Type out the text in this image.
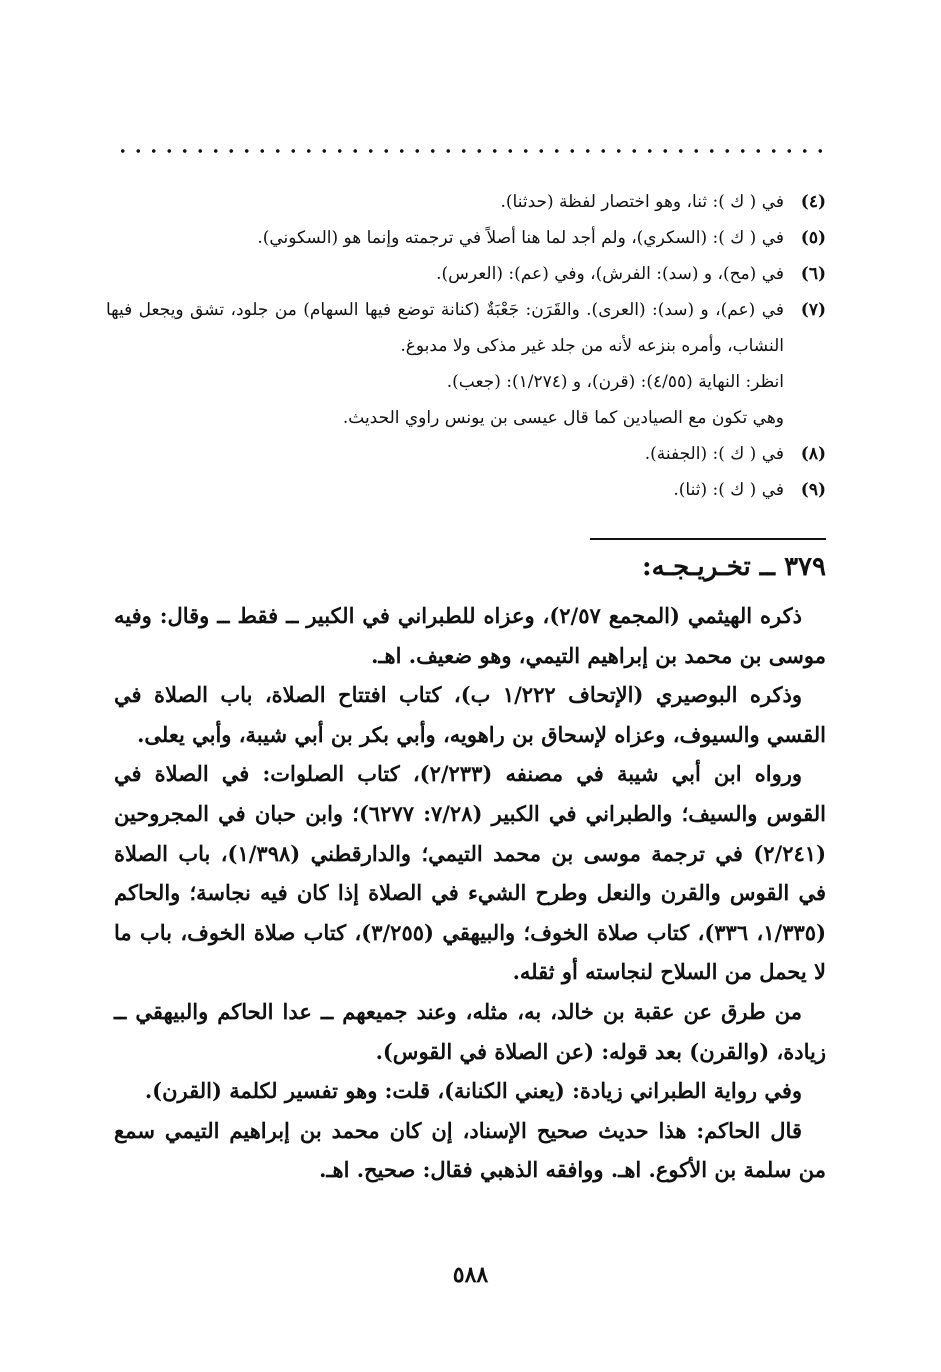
(٤)
في ( ك ): ثنا، وهو اختصار لفظة (حدثنا).
(٥)
في ( ك ): (السكري)، ولم أجد لما هنا أصلاً في ترجمته وإنما هو (السكوني).
(٦)
في (مح)، و (سد): الفرش)، وفي (عم): (العرس).
(٧)
في (عم)، و (سد): (العرى). والقَرَن: جَعْبَةٌ (كنانة توضع فيها السهام) من جلود، تشق ويجعل فيها النشاب، وأمره بنزعه لأنه من جلد غير مذكى ولا مدبوغ.
انظر: النهاية (٤/٥٥): (قرن)، و (١/٢٧٤): (جعب).
وهي تكون مع الصيادين كما قال عيسى بن يونس راوي الحديث.
(٨)
في ( ك ): (الجفنة).
(٩)
في ( ك ): (ثنا).
٣٧٩ ــ تخـريـجـه:

ذكره الهيثمي (المجمع ٢/٥٧)، وعزاه للطبراني في الكبير ــ فقط ــ وقال: وفيه موسى بن محمد بن إبراهيم التيمي، وهو ضعيف. اهـ.

وذكره البوصيري (الإتحاف ١/٢٢٢ ب)، كتاب افتتاح الصلاة، باب الصلاة في القسي والسيوف، وعزاه لإسحاق بن راهويه، وأبي بكر بن أبي شيبة، وأبي يعلى.

ورواه ابن أبي شيبة في مصنفه (٢/٢٣٣)، كتاب الصلوات: في الصلاة في القوس والسيف؛ والطبراني في الكبير (٧/٢٨: ٦٢٧٧)؛ وابن حبان في المجروحين (٢/٢٤١) في ترجمة موسى بن محمد التيمي؛ والدارقطني (١/٣٩٨)، باب الصلاة في القوس والقرن والنعل وطرح الشيء في الصلاة إذا كان فيه نجاسة؛ والحاكم (١/٣٣٥، ٣٣٦)، كتاب صلاة الخوف؛ والبيهقي (٣/٢٥٥)، كتاب صلاة الخوف، باب ما لا يحمل من السلاح لنجاسته أو ثقله.

من طرق عن عقبة بن خالد، به، مثله، وعند جميعهم ــ عدا الحاكم والبيهقي ــ زيادة، (والقرن) بعد قوله: (عن الصلاة في القوس).

وفي رواية الطبراني زيادة: (يعني الكنانة)، قلت: وهو تفسير لكلمة (القرن).

قال الحاكم: هذا حديث صحيح الإسناد، إن كان محمد بن إبراهيم التيمي سمع من سلمة بن الأكوع. اهـ. ووافقه الذهبي فقال: صحيح. اهـ.

٥٨٨
